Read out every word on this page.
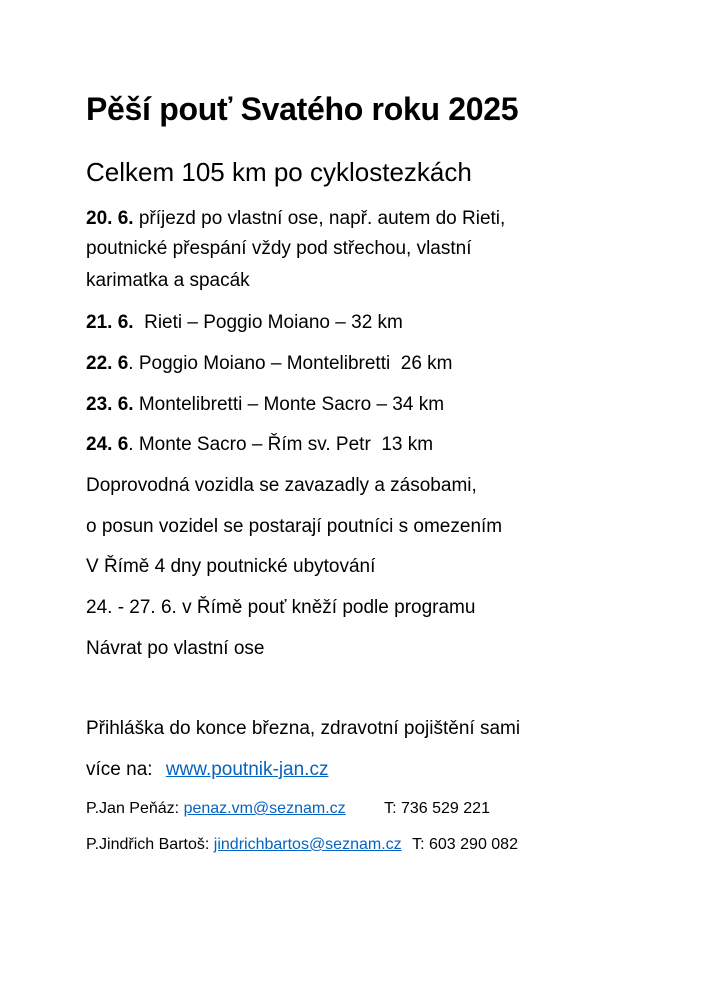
Pěší pouť Svatého roku 2025
Celkem 105 km po cyklostezkách
20. 6. příjezd po vlastní ose, např. autem do Rieti,
poutnické přespání vždy pod střechou, vlastní
karimatka a spacák
21. 6. Rieti – Poggio Moiano – 32 km
22. 6. Poggio Moiano – Montelibretti  26 km
23. 6. Montelibretti – Monte Sacro – 34 km
24. 6. Monte Sacro – Řím sv. Petr  13 km
Doprovodná vozidla se zavazadly a zásobami,
o posun vozidel se postarají poutníci s omezením
V Římě 4 dny poutnické ubytování
24. - 27. 6. v Římě pouť kněží podle programu
Návrat po vlastní ose
Přihláška do konce března, zdravotní pojištění sami
více na: www.poutnik-jan.cz
P.Jan Peňáz: penaz.vm@seznam.cz T: 736 529 221
P.Jindřich Bartoš: jindrichbartos@seznam.cz T: 603 290 082
